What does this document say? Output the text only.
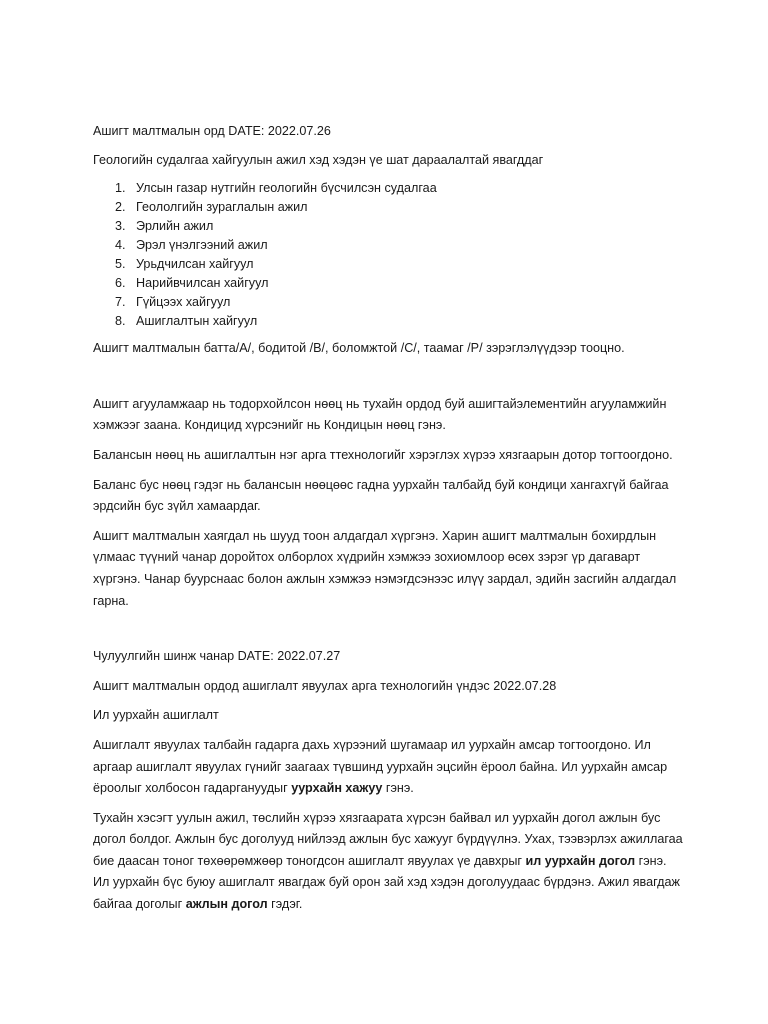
Ашигт малтмалын орд DATE: 2022.07.26

Геологийн судалгаа хайгуулын ажил хэд хэдэн үе шат дараалалтай явагддаг

1. Улсын газар нутгийн геологийн бүсчилсэн судалгаа
2. Геололгийн зураглалын ажил
3. Эрлийн ажил
4. Эрэл үнэлгээний ажил
5. Урьдчилсан хайгуул
6. Нарийвчилсан хайгуул
7. Гүйцээх хайгуул
8. Ашиглалтын хайгуул

Ашигт малтмалын батта/А/, бодитой /В/, боломжтой /С/, таамаг /Р/ зэрэглэлүүдээр тооцно.

Ашигт агууламжаар нь тодорхойлсон нөөц нь тухайн ордод буй ашигтайэлементийн агууламжийн хэмжээг заана. Кондицид хүрсэнийг нь Кондицын нөөц гэнэ.

Балансын нөөц нь ашиглалтын нэг арга ттехнологийг хэрэглэх хүрээ хязгаарын дотор тогтоогдоно.

Баланс бус нөөц гэдэг нь балансын нөөцөөс гадна уурхайн талбайд буй кондици хангахгүй байгаа эрдсийн бус зүйл хамаардаг.

Ашигт малтмалын хаягдал нь шууд тоон алдагдал хүргэнэ. Харин ашигт малтмалын бохирдлын үлмаас түүний чанар доройтох олборлох хүдрийн хэмжээ зохиомлоор өсөх зэрэг үр дагаварт хүргэнэ. Чанар буурснаас болон ажлын хэмжээ нэмэгдсэнээс илүү зардал, эдийн засгийн алдагдал гарна.

Чулуулгийн шинж чанар DATE: 2022.07.27

Ашигт малтмалын ордод ашиглалт явуулах арга технологийн үндэс 2022.07.28

Ил уурхайн ашиглалт

Ашиглалт явуулах талбайн гадарга дахь хүрээний шугамаар ил уурхайн амсар тогтоогдоно. Ил аргаар ашиглалт явуулах гүнийг заагаах түвшинд уурхайн эцсийн ёроол байна. Ил уурхайн амсар ёроолыг холбосон гадаргануудыг уурхайн хажуу гэнэ.

Тухайн хэсэгт уулын ажил, төслийн хүрээ хязгаарата хүрсэн байвал ил уурхайн догол ажлын бус догол болдог. Ажлын бус доголууд нийлээд ажлын бус хажууг бүрдүүлнэ. Ухах, тээвэрлэх ажиллагаа бие даасан тоног төхөөрөмжөөр тоногдсон ашиглалт явуулах үе давхрыг ил уурхайн догол гэнэ. Ил уурхайн бүс буюу ашиглалт явагдаж буй орон зай хэд хэдэн доголуудаас бүрдэнэ. Ажил явагдаж байгаа доголыг ажлын догол гэдэг.
